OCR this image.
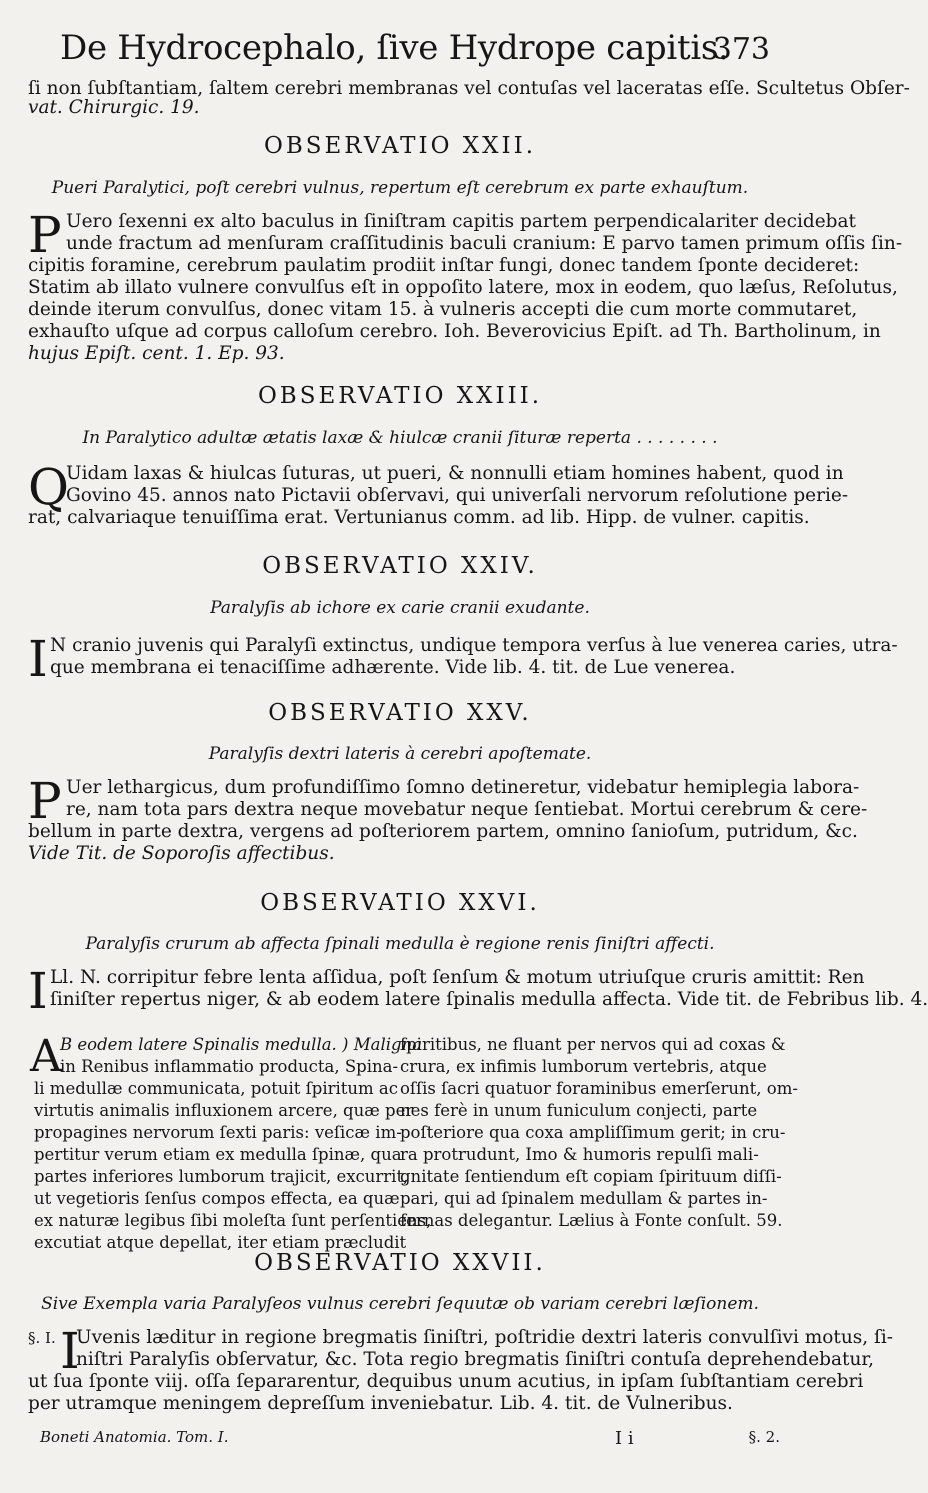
De Hydrocephalo, ſive Hydrope capitis.
373
ſi non ſubſtantiam, ſaltem cerebri membranas vel contuſas vel laceratas eſſe. Scultetus Obſer-
vat. Chirurgic. 19.
OBSERVATIO XXII.
Pueri Paralytici, poſt cerebri vulnus, repertum eſt cerebrum ex parte exhauſtum.
P Uero ſexenni ex alto baculus in ſiniſtram capitis partem perpendicalariter decidebat
unde fractum ad menſuram craſſitudinis baculi cranium: E parvo tamen primum oſſis ſin-
cipitis foramine, cerebrum paulatim prodiit inſtar fungi, donec tandem ſponte decideret:
Statim ab illato vulnere convulſus eſt in oppoſito latere, mox in eodem, quo læſus, Reſolutus,
deinde iterum convulſus, donec vitam 15. à vulneris accepti die cum morte commutaret,
exhauſto uſque ad corpus calloſum cerebro. Ioh. Beverovicius Epiſt. ad Th. Bartholinum, in
hujus Epiſt. cent. 1. Ep. 93.
OBSERVATIO XXIII.
In Paralytico adultæ ætatis laxæ & hiulcæ cranii ſituræ reperta . . . . . . . .
Q
Uidam laxas & hiulcas ſuturas, ut pueri, & nonnulli etiam homines habent, quod in
Govino 45. annos nato Pictavii obſervavi, qui univerſali nervorum reſolutione perie-
rat, calvariaque tenuiſſima erat. Vertunianus comm. ad lib. Hipp. de vulner. capitis.
OBSERVATIO XXIV.
Paralyſis ab ichore ex carie cranii exudante.
I N cranio juvenis qui Paralyſi extinctus, undique tempora verſus à lue venerea caries, utra-
que membrana ei tenaciſſime adhærente. Vide lib. 4. tit. de Lue venerea.
OBSERVATIO XXV.
Paralyſis dextri lateris à cerebri apoſtemate.
P Uer lethargicus, dum profundiſſimo ſomno detineretur, videbatur hemiplegia labora-
re, nam tota pars dextra neque movebatur neque ſentiebat. Mortui cerebrum & cere-
bellum in parte dextra, vergens ad poſteriorem partem, omnino ſanioſum, putridum, &c.
Vide Tit. de Soporoſis affectibus.
OBSERVATIO XXVI.
Paralyſis crurum ab affecta ſpinali medulla è regione renis ſiniſtri affecti.
I Ll. N. corripitur febre lenta aſſidua, poſt ſenſum & motum utriuſque cruris amittit: Ren
ſiniſter repertus niger, & ab eodem latere ſpinalis medulla affecta. Vide tit. de Febribus lib. 4.
A
B eodem latere Spinalis medulla. ) Maligna
in Renibus inflammatio producta, Spina-
li medullæ communicata, potuit ſpiritum ac
virtutis animalis influxionem arcere, quæ per
propagines nervorum ſexti paris: veſicæ im-
pertitur verum etiam ex medulla ſpinæ, qua
partes inferiores lumborum trajicit, excurrit,
ut vegetioris ſenſus compos effecta, ea quæ
ex naturæ legibus ſibi moleſta ſunt perſentiens,
excutiat atque depellat, iter etiam præcludit
ſpiritibus, ne fluant per nervos qui ad coxas &
crura, ex infimis lumborum vertebris, atque
oſſis ſacri quatuor foraminibus emerſerunt, om-
nes ferè in unum funiculum conjecti, parte
poſteriore qua coxa ampliſſimum gerit; in cru-
ra protrudunt, Imo & humoris repulſi mali-
gnitate ſentiendum eſt copiam ſpirituum diſſi-
pari, qui ad ſpinalem medullam & partes in-
fernas delegantur. Lælius à Fonte conſult. 59.
OBSERVATIO XXVII.
Sive Exempla varia Paralyſeos vulnus cerebri ſequutæ ob variam cerebri læſionem.
§. I. I
Uvenis læditur in regione bregmatis ſiniſtri, poſtridie dextri lateris convulſivi motus, ſi-
niſtri Paralyſis obſervatur, &c. Tota regio bregmatis ſiniſtri contuſa deprehendebatur,
ut ſua ſponte viij. oſſa ſepararentur, dequibus unum acutius, in ipſam ſubſtantiam cerebri
per utramque meningem depreſſum inveniebatur. Lib. 4. tit. de Vulneribus.
Boneti Anatomia. Tom. I.	I i	§. 2.
